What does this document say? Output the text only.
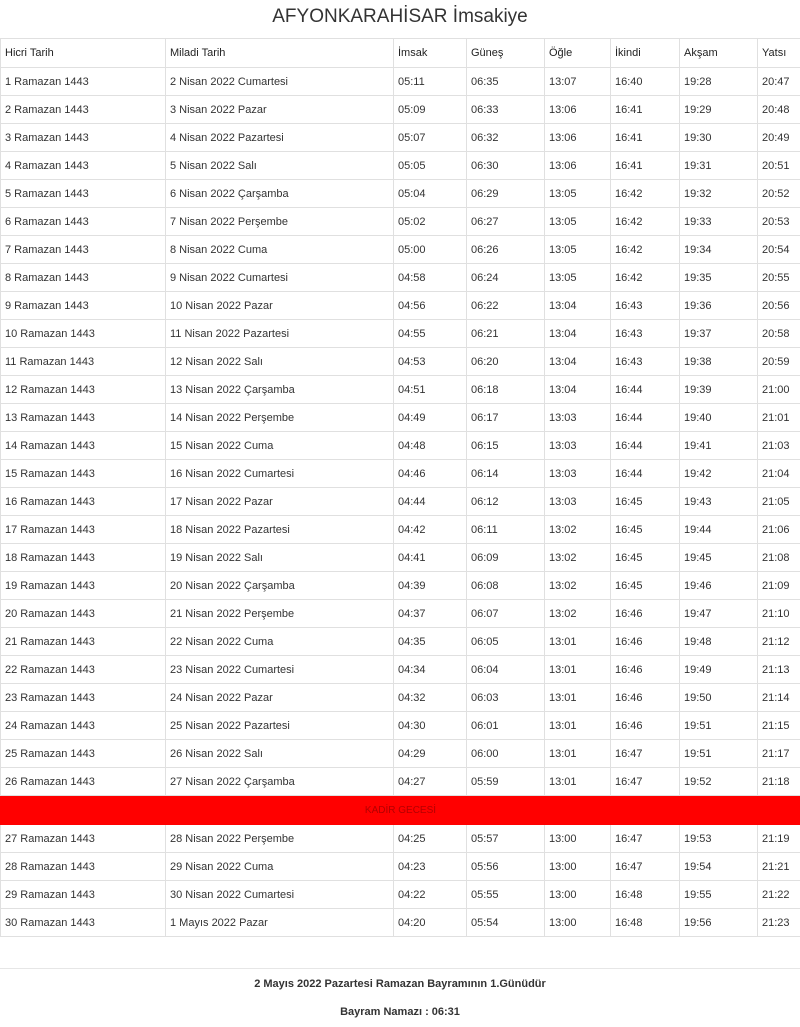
AFYONKARAHİSAR İmsakiye
Hicri Tarih	Miladi Tarih	İmsak	Güneş	Öğle	İkindi	Akşam	Yatsı
1 Ramazan 1443	2 Nisan 2022 Cumartesi	05:11	06:35	13:07	16:40	19:28	20:47
2 Ramazan 1443	3 Nisan 2022 Pazar	05:09	06:33	13:06	16:41	19:29	20:48
3 Ramazan 1443	4 Nisan 2022 Pazartesi	05:07	06:32	13:06	16:41	19:30	20:49
4 Ramazan 1443	5 Nisan 2022 Salı	05:05	06:30	13:06	16:41	19:31	20:51
5 Ramazan 1443	6 Nisan 2022 Çarşamba	05:04	06:29	13:05	16:42	19:32	20:52
6 Ramazan 1443	7 Nisan 2022 Perşembe	05:02	06:27	13:05	16:42	19:33	20:53
7 Ramazan 1443	8 Nisan 2022 Cuma	05:00	06:26	13:05	16:42	19:34	20:54
8 Ramazan 1443	9 Nisan 2022 Cumartesi	04:58	06:24	13:05	16:42	19:35	20:55
9 Ramazan 1443	10 Nisan 2022 Pazar	04:56	06:22	13:04	16:43	19:36	20:56
10 Ramazan 1443	11 Nisan 2022 Pazartesi	04:55	06:21	13:04	16:43	19:37	20:58
11 Ramazan 1443	12 Nisan 2022 Salı	04:53	06:20	13:04	16:43	19:38	20:59
12 Ramazan 1443	13 Nisan 2022 Çarşamba	04:51	06:18	13:04	16:44	19:39	21:00
13 Ramazan 1443	14 Nisan 2022 Perşembe	04:49	06:17	13:03	16:44	19:40	21:01
14 Ramazan 1443	15 Nisan 2022 Cuma	04:48	06:15	13:03	16:44	19:41	21:03
15 Ramazan 1443	16 Nisan 2022 Cumartesi	04:46	06:14	13:03	16:44	19:42	21:04
16 Ramazan 1443	17 Nisan 2022 Pazar	04:44	06:12	13:03	16:45	19:43	21:05
17 Ramazan 1443	18 Nisan 2022 Pazartesi	04:42	06:11	13:02	16:45	19:44	21:06
18 Ramazan 1443	19 Nisan 2022 Salı	04:41	06:09	13:02	16:45	19:45	21:08
19 Ramazan 1443	20 Nisan 2022 Çarşamba	04:39	06:08	13:02	16:45	19:46	21:09
20 Ramazan 1443	21 Nisan 2022 Perşembe	04:37	06:07	13:02	16:46	19:47	21:10
21 Ramazan 1443	22 Nisan 2022 Cuma	04:35	06:05	13:01	16:46	19:48	21:12
22 Ramazan 1443	23 Nisan 2022 Cumartesi	04:34	06:04	13:01	16:46	19:49	21:13
23 Ramazan 1443	24 Nisan 2022 Pazar	04:32	06:03	13:01	16:46	19:50	21:14
24 Ramazan 1443	25 Nisan 2022 Pazartesi	04:30	06:01	13:01	16:46	19:51	21:15
25 Ramazan 1443	26 Nisan 2022 Salı	04:29	06:00	13:01	16:47	19:51	21:17
26 Ramazan 1443	27 Nisan 2022 Çarşamba	04:27	05:59	13:01	16:47	19:52	21:18
KADİR GECESİ							
27 Ramazan 1443	28 Nisan 2022 Perşembe	04:25	05:57	13:00	16:47	19:53	21:19
28 Ramazan 1443	29 Nisan 2022 Cuma	04:23	05:56	13:00	16:47	19:54	21:21
29 Ramazan 1443	30 Nisan 2022 Cumartesi	04:22	05:55	13:00	16:48	19:55	21:22
30 Ramazan 1443	1 Mayıs 2022 Pazar	04:20	05:54	13:00	16:48	19:56	21:23
2 Mayıs 2022 Pazartesi Ramazan Bayramının 1.Günüdür
Bayram Namazı : 06:31
